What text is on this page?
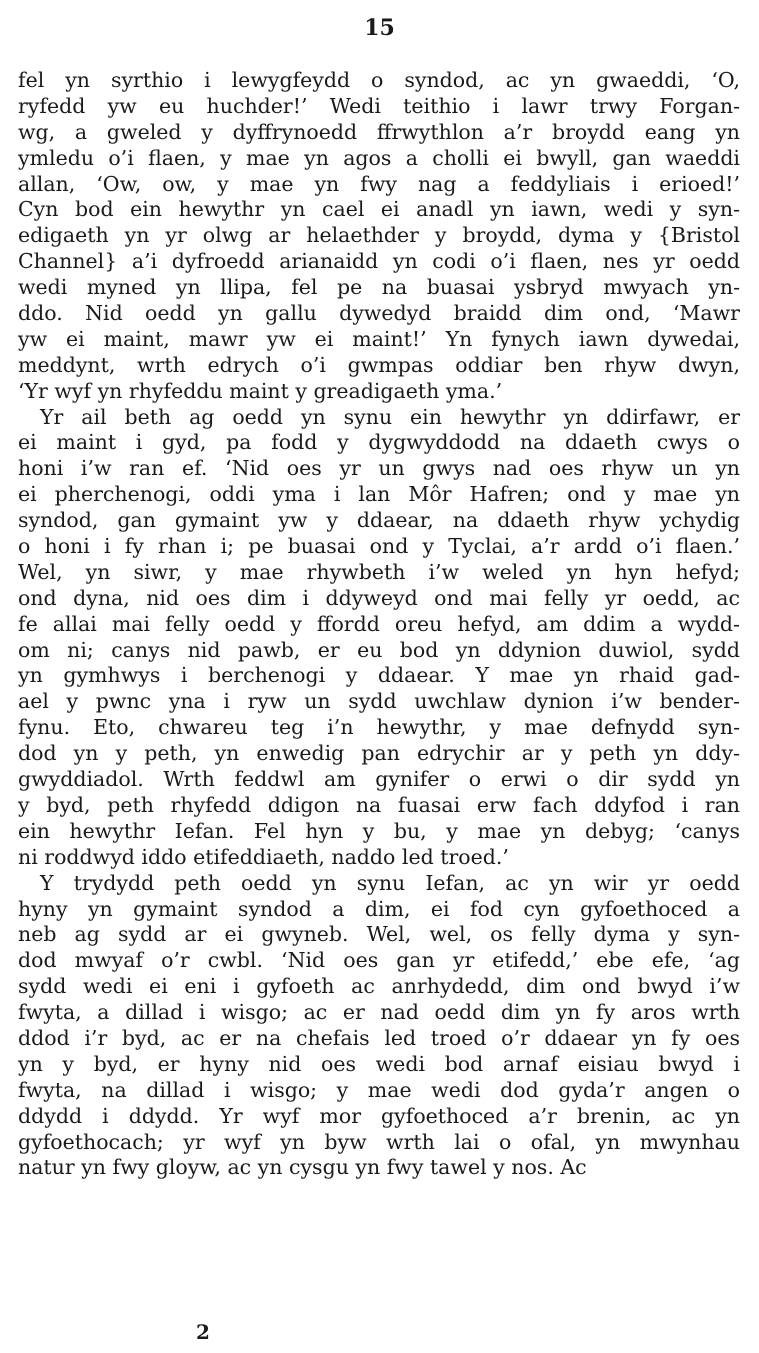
15
fel yn syrthio i lewygfeydd o syndod, ac yn gwaeddi, ‘O,
ryfedd yw eu huchder!’ Wedi teithio i lawr trwy Forgan-
wg, a gweled y dyffrynoedd ffrwythlon a’r broydd eang yn
ymledu o’i flaen, y mae yn agos a cholli ei bwyll, gan waeddi
allan, ‘Ow, ow, y mae yn fwy nag a feddyliais i erioed!’
Cyn bod ein hewythr yn cael ei anadl yn iawn, wedi y syn-
edigaeth yn yr olwg ar helaethder y broydd, dyma y {Bristol
Channel} a’i dyfroedd arianaidd yn codi o’i flaen, nes yr oedd
wedi myned yn llipa, fel pe na buasai ysbryd mwyach yn-
ddo. Nid oedd yn gallu dywedyd braidd dim ond, ‘Mawr
yw ei maint, mawr yw ei maint!’ Yn fynych iawn dywedai,
meddynt, wrth edrych o’i gwmpas oddiar ben rhyw dwyn,
‘Yr wyf yn rhyfeddu maint y greadigaeth yma.’
Yr ail beth ag oedd yn synu ein hewythr yn ddirfawr, er
ei maint i gyd, pa fodd y dygwyddodd na ddaeth cwys o
honi i’w ran ef. ‘Nid oes yr un gwys nad oes rhyw un yn
ei pherchenogi, oddi yma i lan Môr Hafren; ond y mae yn
syndod, gan gymaint yw y ddaear, na ddaeth rhyw ychydig
o honi i fy rhan i; pe buasai ond y Tyclai, a’r ardd o’i flaen.’
Wel, yn siwr, y mae rhywbeth i’w weled yn hyn hefyd;
ond dyna, nid oes dim i ddyweyd ond mai felly yr oedd, ac
fe allai mai felly oedd y ffordd oreu hefyd, am ddim a wydd-
om ni; canys nid pawb, er eu bod yn ddynion duwiol, sydd
yn gymhwys i berchenogi y ddaear. Y mae yn rhaid gad-
ael y pwnc yna i ryw un sydd uwchlaw dynion i’w bender-
fynu. Eto, chwareu teg i’n hewythr, y mae defnydd syn-
dod yn y peth, yn enwedig pan edrychir ar y peth yn ddy-
gwyddiadol. Wrth feddwl am gynifer o erwi o dir sydd yn
y byd, peth rhyfedd ddigon na fuasai erw fach ddyfod i ran
ein hewythr Iefan. Fel hyn y bu, y mae yn debyg; ‘canys
ni roddwyd iddo etifeddiaeth, naddo led troed.’
Y trydydd peth oedd yn synu Iefan, ac yn wir yr oedd
hyny yn gymaint syndod a dim, ei fod cyn gyfoethoced a
neb ag sydd ar ei gwyneb. Wel, wel, os felly dyma y syn-
dod mwyaf o’r cwbl. ‘Nid oes gan yr etifedd,’ ebe efe, ‘ag
sydd wedi ei eni i gyfoeth ac anrhydedd, dim ond bwyd i’w
fwyta, a dillad i wisgo; ac er nad oedd dim yn fy aros wrth
ddod i’r byd, ac er na chefais led troed o’r ddaear yn fy oes
yn y byd, er hyny nid oes wedi bod arnaf eisiau bwyd i
fwyta, na dillad i wisgo; y mae wedi dod gyda’r angen o
ddydd i ddydd. Yr wyf mor gyfoethoced a’r brenin, ac yn
gyfoethocach; yr wyf yn byw wrth lai o ofal, yn mwynhau
natur yn fwy gloyw, ac yn cysgu yn fwy tawel y nos. Ac
2
